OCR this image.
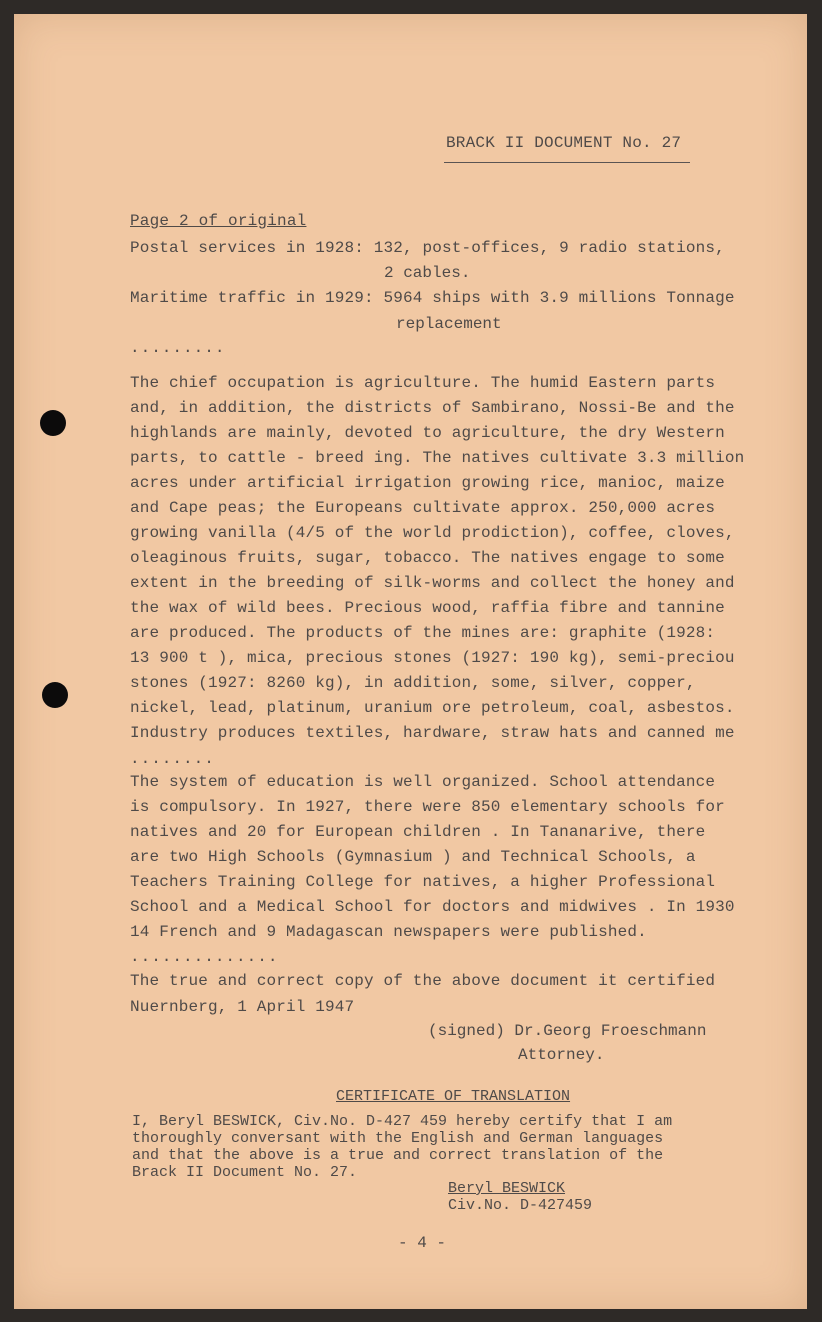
BRACK II DOCUMENT No. 27
Page 2 of original
Postal services in 1928: 132, post-offices, 9 radio stations,
2 cables.
Maritime traffic in 1929: 5964 ships with 3.9 millions Tonnage
replacement
.........
The chief occupation is agriculture. The humid Eastern parts
and, in addition, the districts of Sambirano, Nossi-Be and the
highlands are mainly, devoted to agriculture, the dry Western
parts, to cattle - breed ing. The natives cultivate 3.3 million
acres under artificial irrigation growing rice, manioc, maize
and Cape peas; the Europeans cultivate approx. 250,000 acres
growing vanilla (4/5 of the world prodiction), coffee, cloves,
oleaginous fruits, sugar, tobacco. The natives engage to some
extent in the breeding of silk-worms and collect the honey and
the wax of wild bees. Precious wood, raffia fibre and tannine
are produced. The products of the mines are: graphite (1928:
13 900 t ), mica, precious stones (1927: 190 kg), semi-preciou
stones (1927: 8260 kg), in addition, some, silver, copper,
nickel, lead, platinum, uranium ore petroleum, coal, asbestos.
Industry produces textiles, hardware, straw hats and canned me
........
The system of education is well organized. School attendance
is compulsory. In 1927, there were 850 elementary schools for
natives and 20 for European children . In Tananarive, there
are two High Schools (Gymnasium ) and Technical Schools, a
Teachers Training College for natives, a higher Professional
School and a Medical School for doctors and midwives . In 1930
14 French and 9 Madagascan newspapers were published.
..............
The true and correct copy of the above document it certified
Nuernberg, 1 April 1947
(signed) Dr.Georg Froeschmann
Attorney.
CERTIFICATE OF TRANSLATION
I, Beryl BESWICK, Civ.No. D-427 459 hereby certify that I am
thoroughly conversant with the English and German languages
and that the above is a true and correct translation of the
Brack II Document No. 27.
Beryl BESWICK
Civ.No. D-427459
- 4 -
